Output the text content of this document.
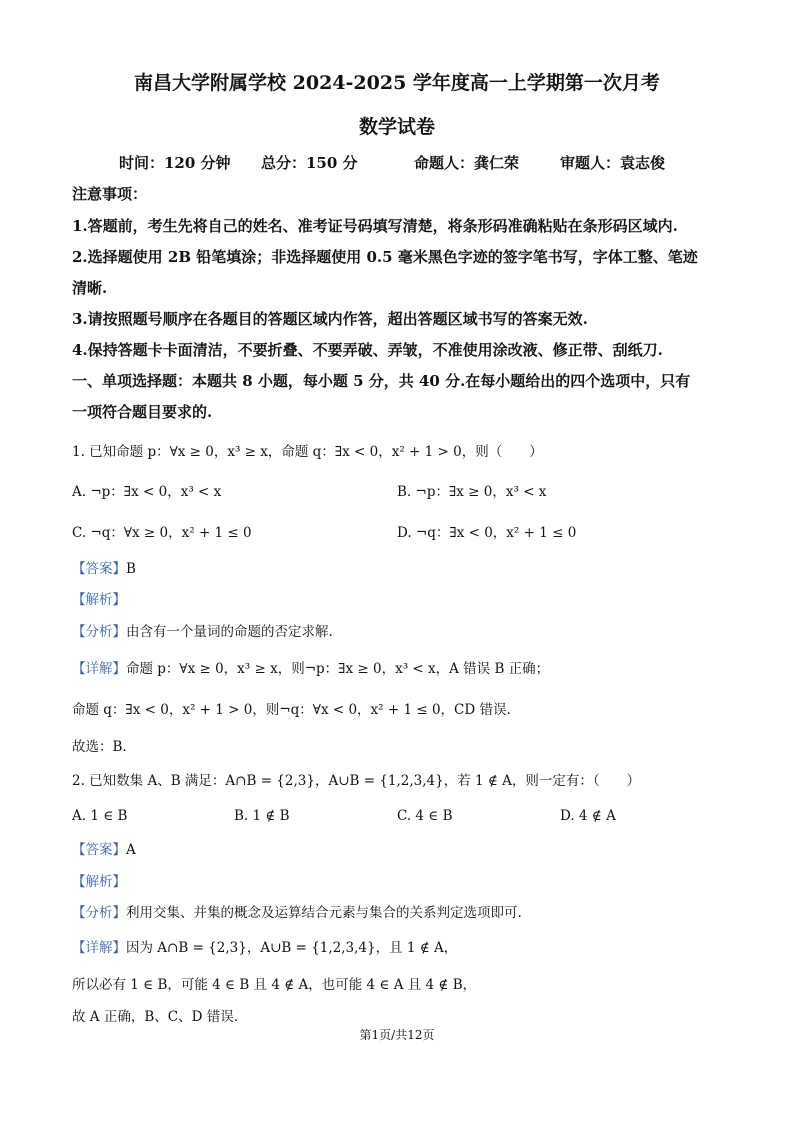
南昌大学附属学校 2024-2025 学年度高一上学期第一次月考
数学试卷
时间：120 分钟 总分：150 分	命题人：龚仁荣	审题人：袁志俊
注意事项：
1.答题前，考生先将自己的姓名、准考证号码填写清楚，将条形码准确粘贴在条形码区域内.
2.选择题使用 2B 铅笔填涂；非选择题使用 0.5 毫米黑色字迹的签字笔书写，字体工整、笔迹
清晰.
3.请按照题号顺序在各题目的答题区域内作答，超出答题区域书写的答案无效.
4.保持答题卡卡面清洁，不要折叠、不要弄破、弄皱，不准使用涂改液、修正带、刮纸刀.
一、单项选择题：本题共 8 小题，每小题 5 分，共 40 分.在每小题给出的四个选项中，只有
一项符合题目要求的.
1. 已知命题 p：∀x ≥ 0，x³ ≥ x，命题 q：∃x < 0，x² + 1 > 0，则（　　）
A. ¬p：∃x < 0，x³ < x	B. ¬p：∃x ≥ 0，x³ < x
C. ¬q：∀x ≥ 0，x² + 1 ≤ 0	D. ¬q：∃x < 0，x² + 1 ≤ 0
【答案】B
【解析】
【分析】由含有一个量词的命题的否定求解.
【详解】命题 p：∀x ≥ 0，x³ ≥ x，则¬p：∃x ≥ 0，x³ < x，A 错误 B 正确；
命题 q：∃x < 0，x² + 1 > 0，则¬q：∀x < 0，x² + 1 ≤ 0，CD 错误.
故选：B.
2. 已知数集 A、B 满足：A∩B = {2,3}，A∪B = {1,2,3,4}，若 1 ∉ A，则一定有：（　　）
A. 1 ∈ B	B. 1 ∉ B	C. 4 ∈ B	D. 4 ∉ A
【答案】A
【解析】
【分析】利用交集、并集的概念及运算结合元素与集合的关系判定选项即可.
【详解】因为 A∩B = {2,3}，A∪B = {1,2,3,4}，且 1 ∉ A，
所以必有 1 ∈ B，可能 4 ∈ B 且 4 ∉ A，也可能 4 ∈ A 且 4 ∉ B，
故 A 正确，B、C、D 错误.
第1页/共12页
